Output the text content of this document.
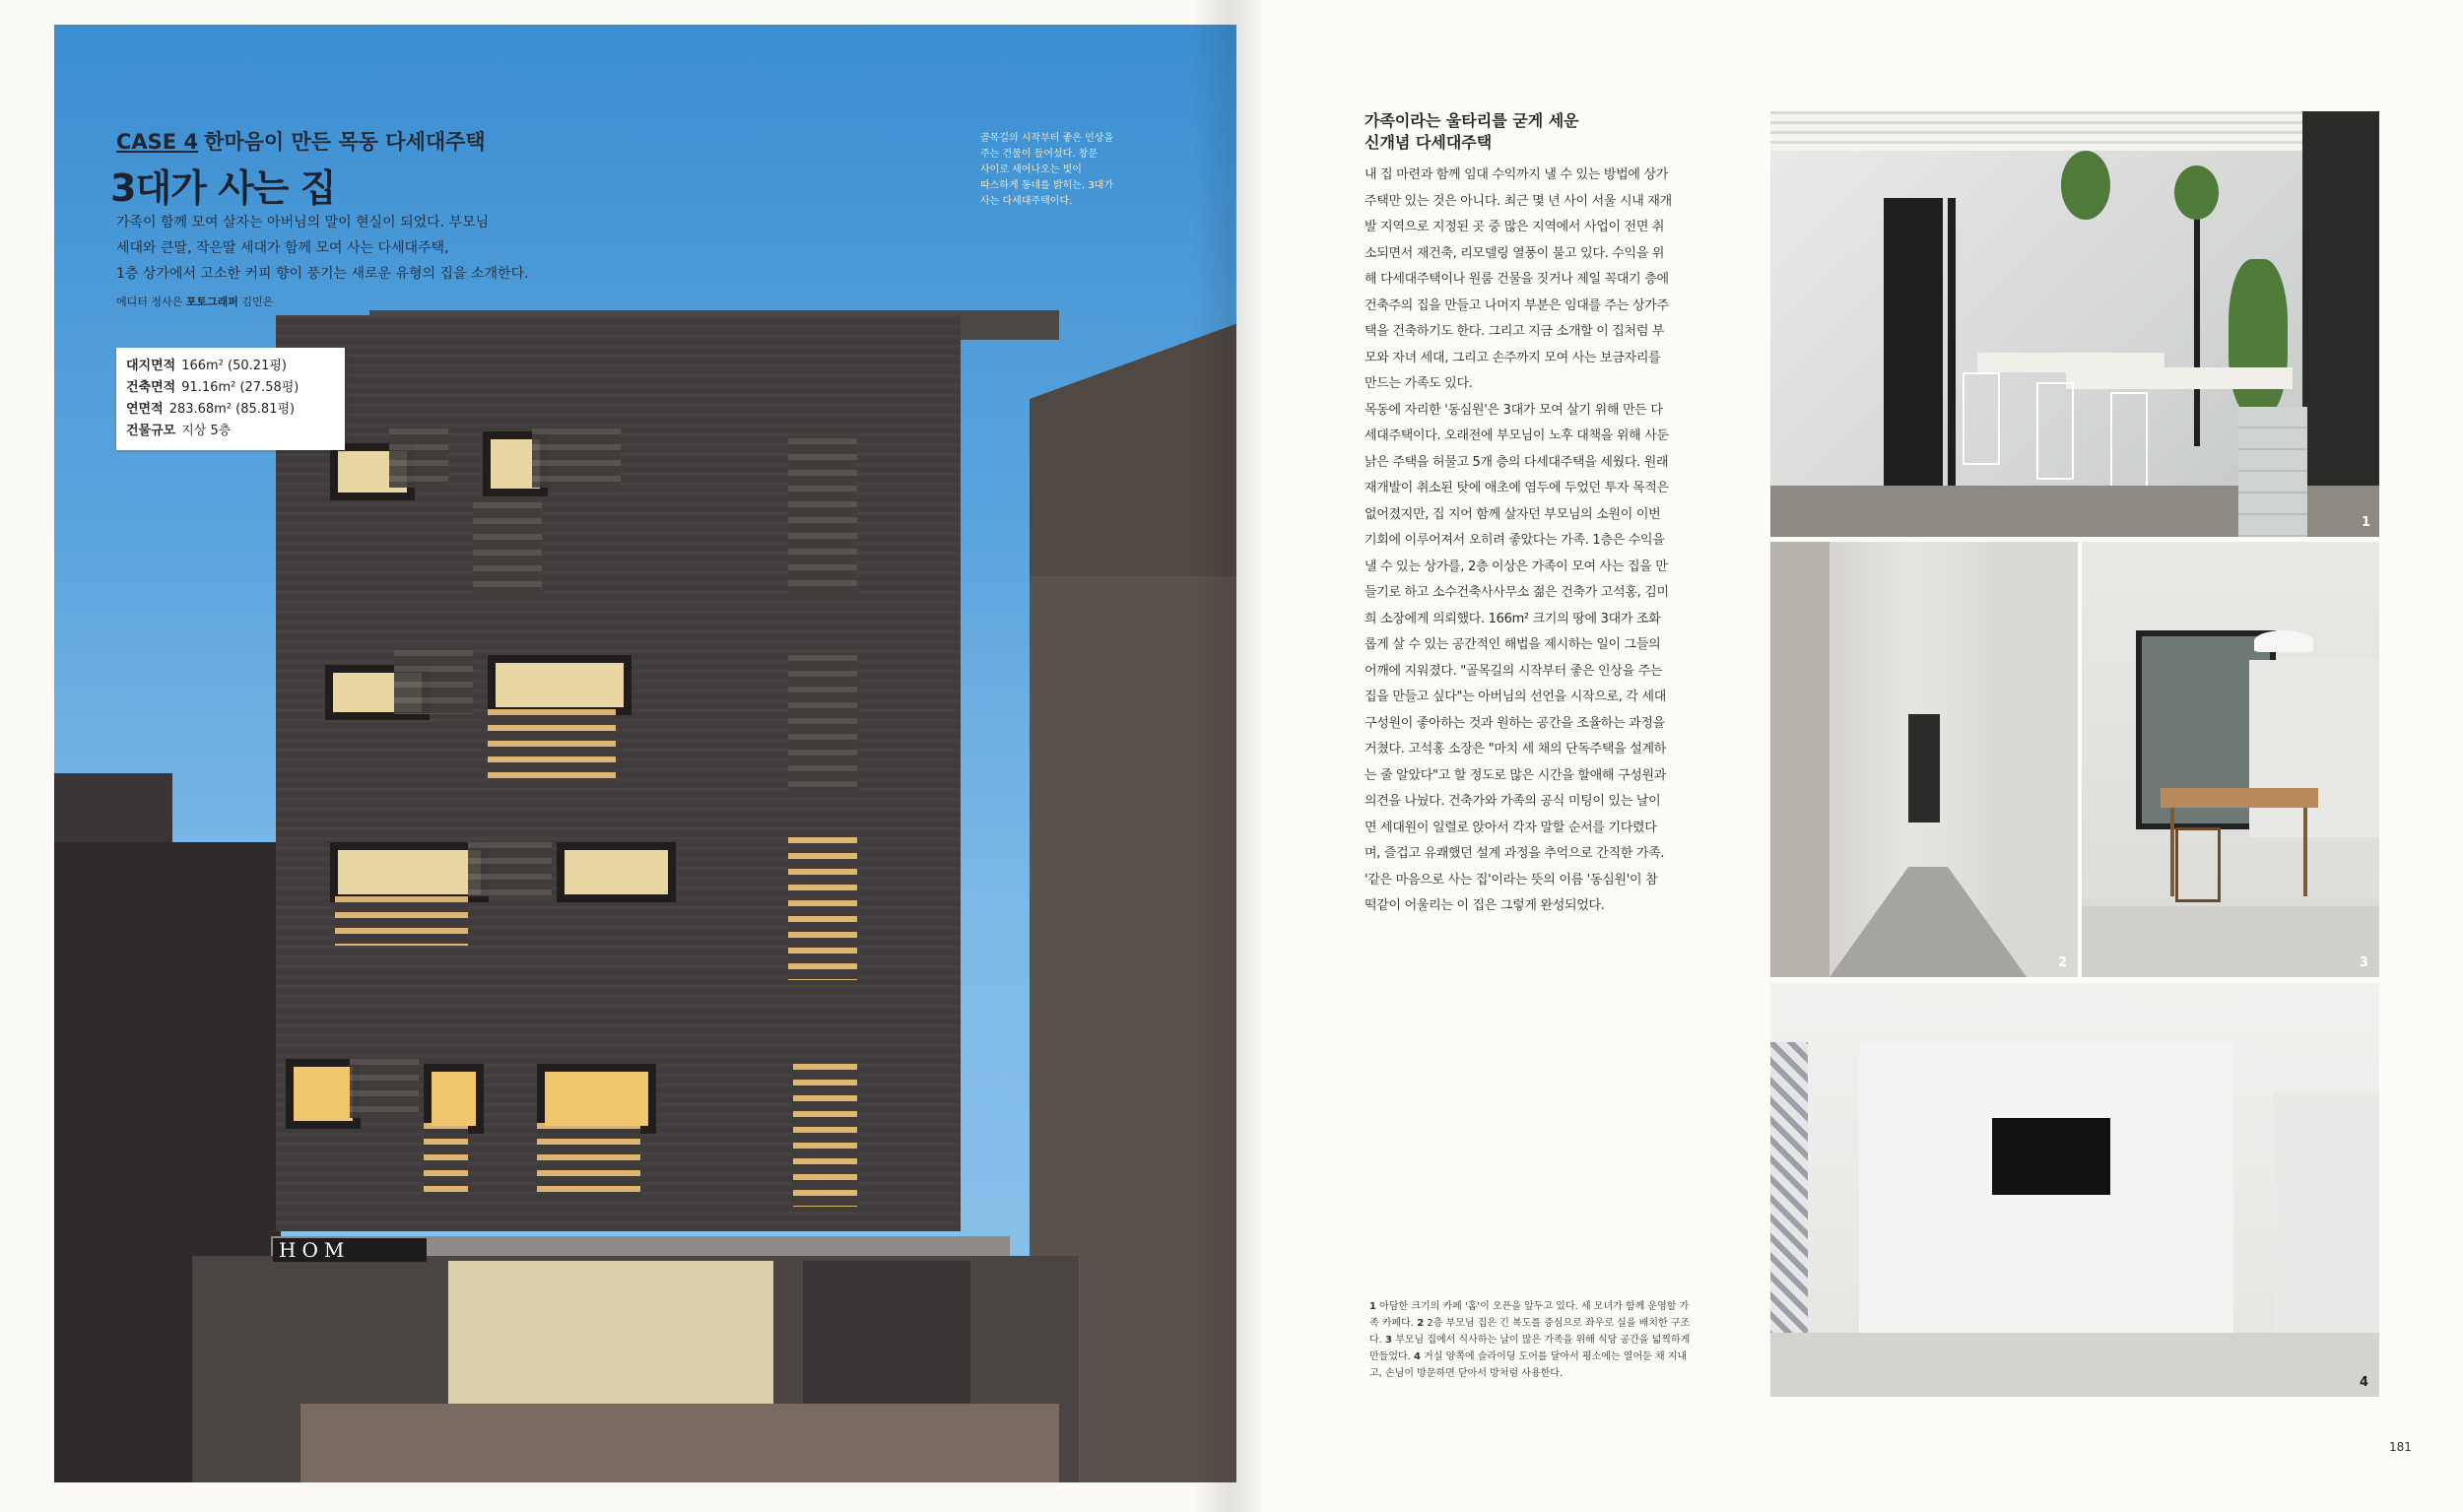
HOM
CASE 4 한마음이 만든 목동 다세대주택
3대가 사는 집
가족이 함께 모여 살자는 아버님의 말이 현실이 되었다. 부모님
세대와 큰딸, 작은딸 세대가 함께 모여 사는 다세대주택,
1층 상가에서 고소한 커피 향이 풍기는 새로운 유형의 집을 소개한다.
에디터 정사은 포토그래퍼 김민은
대지면적 166m² (50.21평)
건축면적 91.16m² (27.58평)
연면적 283.68m² (85.81평)
건물규모 지상 5층
골목길의 시작부터 좋은 인상을
주는 건물이 들어섰다. 창문
사이로 새어나오는 빛이
따스하게 동네를 밝히는, 3대가
사는 다세대주택이다.
가족이라는 울타리를 굳게 세운
신개념 다세대주택

내 집 마련과 함께 임대 수익까지 낼 수 있는 방법에 상가

주택만 있는 것은 아니다. 최근 몇 년 사이 서울 시내 재개

발 지역으로 지정된 곳 중 많은 지역에서 사업이 전면 취

소되면서 재건축, 리모델링 열풍이 불고 있다. 수익을 위

해 다세대주택이나 원룸 건물을 짓거나 제일 꼭대기 층에

건축주의 집을 만들고 나머지 부분은 임대를 주는 상가주

택을 건축하기도 한다. 그리고 지금 소개할 이 집처럼 부

모와 자녀 세대, 그리고 손주까지 모여 사는 보금자리를

만드는 가족도 있다.

목동에 자리한 '동심원'은 3대가 모여 살기 위해 만든 다

세대주택이다. 오래전에 부모님이 노후 대책을 위해 사둔

낡은 주택을 허물고 5개 층의 다세대주택을 세웠다. 원래

재개발이 취소된 탓에 애초에 염두에 두었던 투자 목적은

없어졌지만, 집 지어 함께 살자던 부모님의 소원이 이번

기회에 이루어져서 오히려 좋았다는 가족. 1층은 수익을

낼 수 있는 상가를, 2층 이상은 가족이 모여 사는 집을 만

들기로 하고 소수건축사사무소 젊은 건축가 고석홍, 김미

희 소장에게 의뢰했다. 166m² 크기의 땅에 3대가 조화

롭게 살 수 있는 공간적인 해법을 제시하는 일이 그들의

어깨에 지워졌다. "골목길의 시작부터 좋은 인상을 주는

집을 만들고 싶다"는 아버님의 선언을 시작으로, 각 세대

구성원이 좋아하는 것과 원하는 공간을 조율하는 과정을

거쳤다. 고석홍 소장은 "마치 세 채의 단독주택을 설계하

는 줄 알았다"고 할 정도로 많은 시간을 할애해 구성원과

의견을 나눴다. 건축가와 가족의 공식 미팅이 있는 날이

면 세대원이 일렬로 앉아서 각자 말할 순서를 기다렸다

며, 즐겁고 유쾌했던 설계 과정을 추억으로 간직한 가족.

'같은 마음으로 사는 집'이라는 뜻의 이름 '동심원'이 참

떡같이 어울리는 이 집은 그렇게 완성되었다.

1
2	3
4
1 아담한 크기의 카페 '홈'이 오픈을 앞두고 있다. 세 모녀가 함께 운영할 가족 카페다. 2 2층 부모님 집은 긴 복도를 중심으로 좌우로 실을 배치한 구조다. 3 부모님 집에서 식사하는 날이 많은 가족을 위해 식당 공간을 넓찍하게 만들었다. 4 거실 양쪽에 슬라이딩 도어를 달아서 평소에는 열어둔 채 지내고, 손님이 방문하면 닫아서 방처럼 사용한다.
181
